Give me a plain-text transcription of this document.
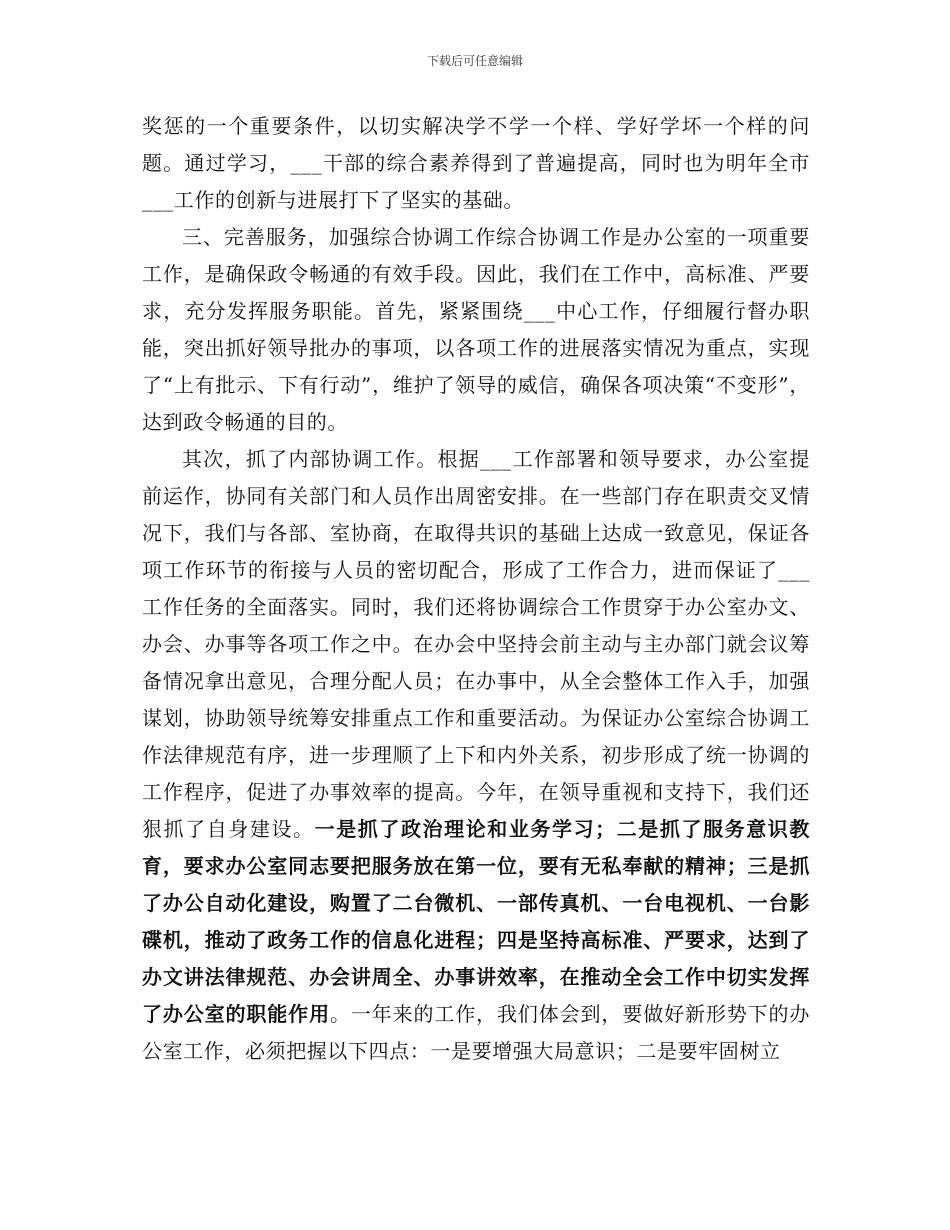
下载后可任意编辑

奖惩的一个重要条件，以切实解决学不学一个样、学好学坏一个样的问题。通过学习，___干部的综合素养得到了普遍提高，同时也为明年全市___工作的创新与进展打下了坚实的基础。

三、完善服务，加强综合协调工作综合协调工作是办公室的一项重要工作，是确保政令畅通的有效手段。因此，我们在工作中，高标准、严要求，充分发挥服务职能。首先，紧紧围绕___中心工作，仔细履行督办职能，突出抓好领导批办的事项，以各项工作的进展落实情况为重点，实现了“上有批示、下有行动”，维护了领导的威信，确保各项决策“不变形”，达到政令畅通的目的。

其次，抓了内部协调工作。根据___工作部署和领导要求，办公室提前运作，协同有关部门和人员作出周密安排。在一些部门存在职责交叉情况下，我们与各部、室协商，在取得共识的基础上达成一致意见，保证各项工作环节的衔接与人员的密切配合，形成了工作合力，进而保证了___工作任务的全面落实。同时，我们还将协调综合工作贯穿于办公室办文、办会、办事等各项工作之中。在办会中坚持会前主动与主办部门就会议筹备情况拿出意见，合理分配人员；在办事中，从全会整体工作入手，加强谋划，协助领导统筹安排重点工作和重要活动。为保证办公室综合协调工作法律规范有序，进一步理顺了上下和内外关系，初步形成了统一协调的工作程序，促进了办事效率的提高。今年，在领导重视和支持下，我们还狠抓了自身建设。一是抓了政治理论和业务学习；二是抓了服务意识教育，要求办公室同志要把服务放在第一位，要有无私奉献的精神；三是抓了办公自动化建设，购置了二台微机、一部传真机、一台电视机、一台影碟机，推动了政务工作的信息化进程；四是坚持高标准、严要求，达到了办文讲法律规范、办会讲周全、办事讲效率，在推动全会工作中切实发挥了办公室的职能作用。一年来的工作，我们体会到，要做好新形势下的办公室工作，必须把握以下四点：一是要增强大局意识；二是要牢固树立
